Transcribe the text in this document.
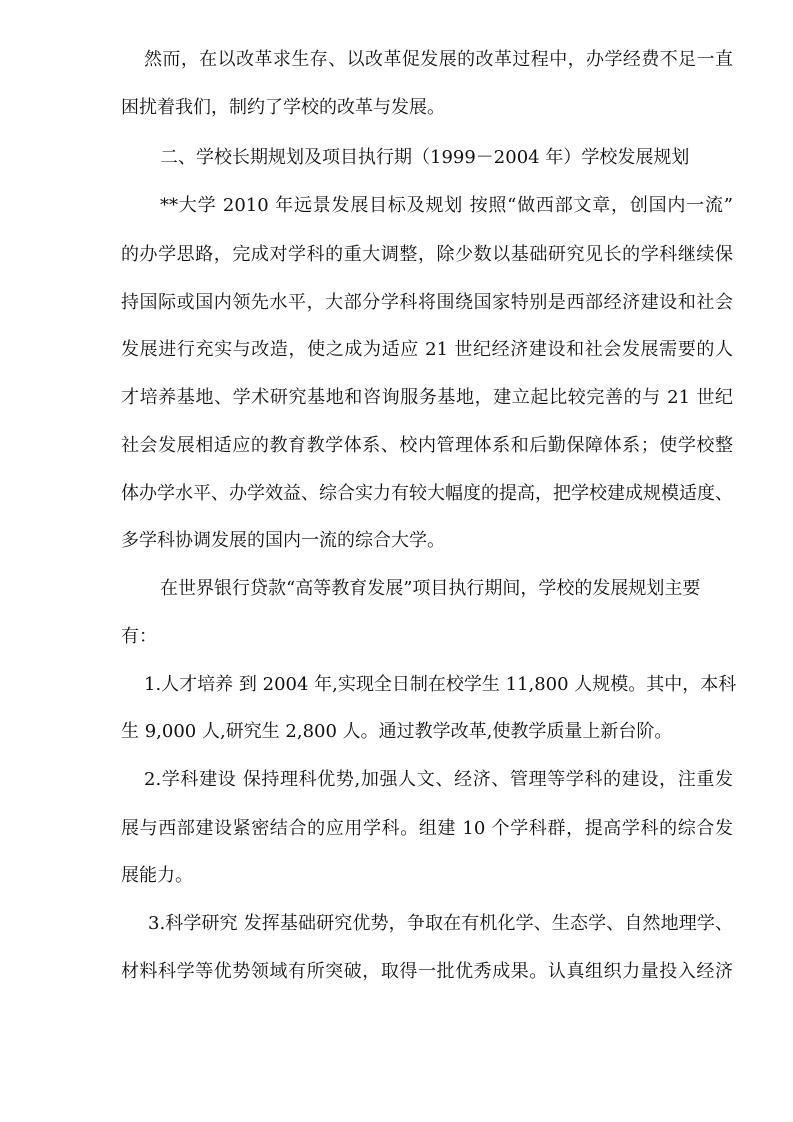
然而，在以改革求生存、以改革促发展的改革过程中，办学经费不足一直
困扰着我们，制约了学校的改革与发展。
二、学校长期规划及项目执行期（1999－2004 年）学校发展规划
**大学 2010 年远景发展目标及规划 按照“做西部文章，创国内一流”
的办学思路，完成对学科的重大调整，除少数以基础研究见长的学科继续保
持国际或国内领先水平，大部分学科将围绕国家特别是西部经济建设和社会
发展进行充实与改造，使之成为适应 21 世纪经济建设和社会发展需要的人
才培养基地、学术研究基地和咨询服务基地，建立起比较完善的与 21 世纪
社会发展相适应的教育教学体系、校内管理体系和后勤保障体系；使学校整
体办学水平、办学效益、综合实力有较大幅度的提高，把学校建成规模适度、
多学科协调发展的国内一流的综合大学。
在世界银行贷款“高等教育发展”项目执行期间，学校的发展规划主要
有：
1.人才培养 到 2004 年,实现全日制在校学生 11,800 人规模。其中，本科
生 9,000 人,研究生 2,800 人。通过教学改革,使教学质量上新台阶。
2.学科建设 保持理科优势,加强人文、经济、管理等学科的建设，注重发
展与西部建设紧密结合的应用学科。组建 10 个学科群，提高学科的综合发
展能力。
3.科学研究 发挥基础研究优势，争取在有机化学、生态学、自然地理学、
材料科学等优势领域有所突破，取得一批优秀成果。认真组织力量投入经济
